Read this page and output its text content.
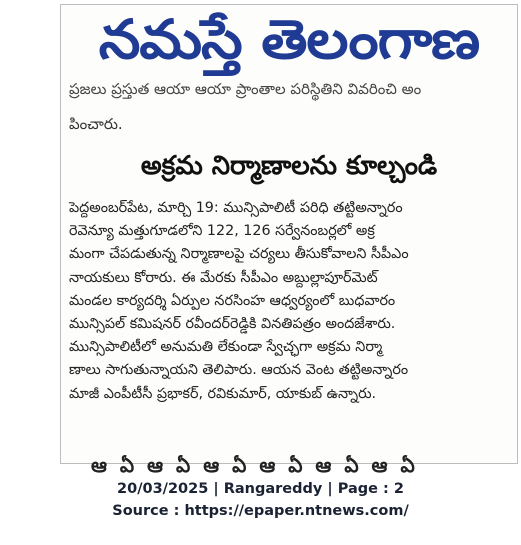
నమస్తే తెలంగాణ
ప్రజలు ప్రస్తుత ఆయా ఆయా ప్రాంతాల పరిస్థితిని వివరించి అం
పించారు.
అక్రమ నిర్మాణాలను కూల్చండి
పెద్దఅంబర్‌పేట, మార్చి 19: మున్సిపాలిటీ పరిధి తట్టిఅన్నారం
రెవెన్యూ మత్తుగూడలోని 122, 126 సర్వేనంబర్లలో అక్ర
మంగా చేపడుతున్న నిర్మాణాలపై చర్యలు తీసుకోవాలని సీపీఎం
నాయకులు కోరారు. ఈ మేరకు సీపీఎం అబ్దుల్లాపూర్‌మెట్
మండల కార్యదర్శి ఏర్పుల నరసింహ ఆధ్వర్యంలో బుధవారం
మున్సిపల్ కమిషనర్ రవీందర్‌రెడ్డికి వినతిపత్రం అందజేశారు.
మున్సిపాలిటీలో అనుమతి లేకుండా స్వేచ్ఛగా అక్రమ నిర్మా
ణాలు సాగుతున్నాయని తెలిపారు. ఆయన వెంట తట్టిఅన్నారం
మాజీ ఎంపీటీసీ ప్రభాకర్, రవికుమార్, యాకుబ్ ఉన్నారు.
ఆ ఏ ఆ ఏ ఆ ఏ ఆ ఏ ఆ ఏ ఆ ఏ
20/03/2025 | Rangareddy | Page : 2
Source : https://epaper.ntnews.com/
